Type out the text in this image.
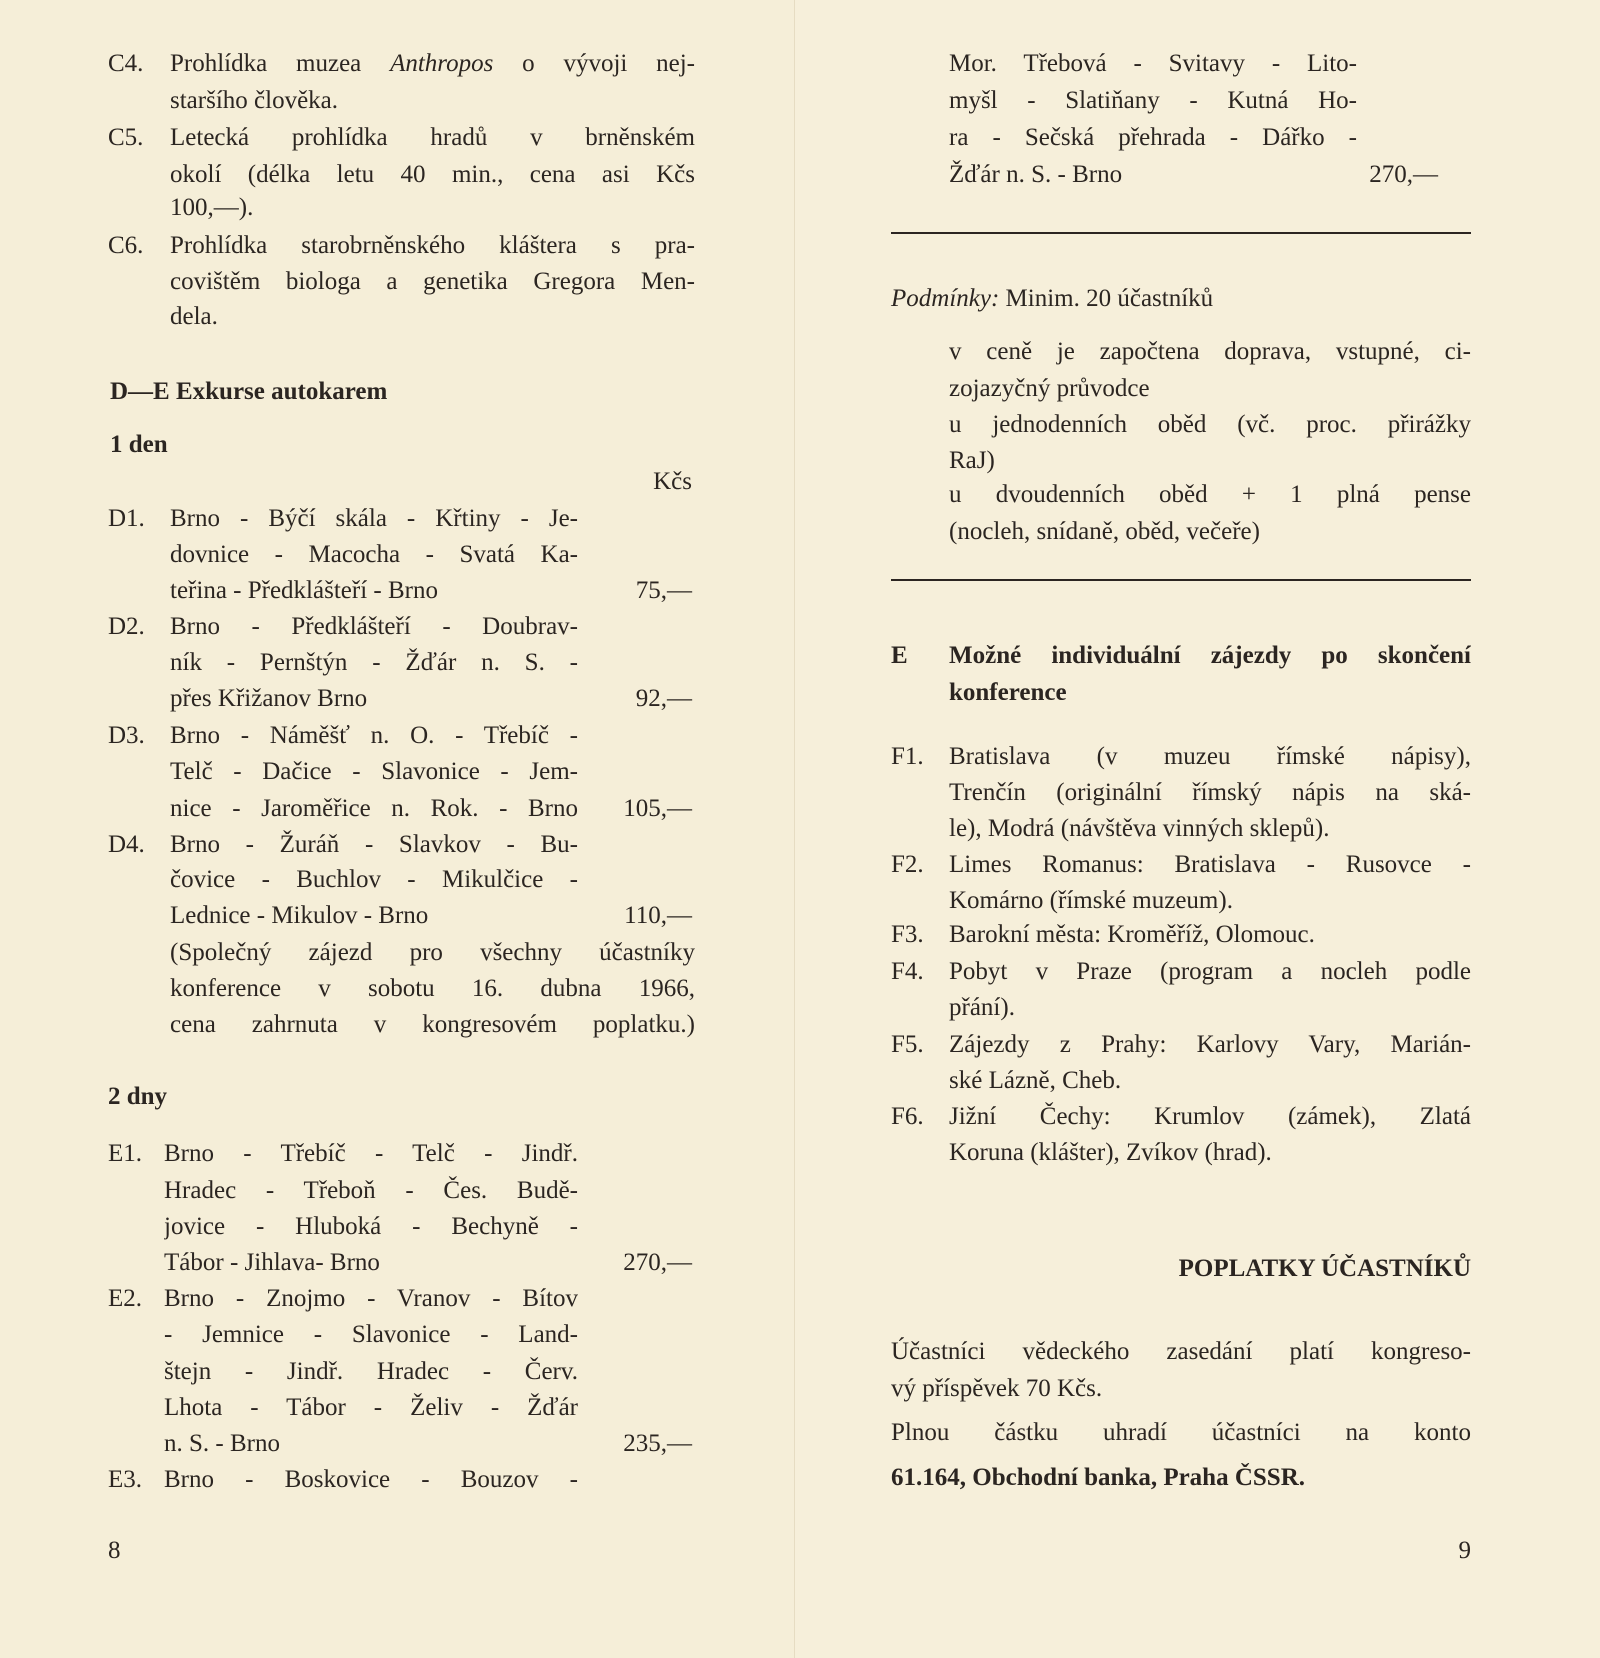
C4. Prohlídka muzea Anthropos o vývoji nej-
staršího člověka.
C5. Letecká prohlídka hradů v brněnském
okolí (délka letu 40 min., cena asi Kčs
100,—).
C6. Prohlídka starobrněnského kláštera s pra-
covištěm biologa a genetika Gregora Men-
dela.
D—E Exkurse autokarem
1 den
Kčs
D1. Brno - Býčí skála - Křtiny - Je-
dovnice - Macocha - Svatá Ka-
teřina - Předklášteří - Brno	75,—
D2. Brno - Předklášteří - Doubrav-
ník - Pernštýn - Žďár n. S. -
přes Křižanov Brno	92,—
D3. Brno - Náměšť n. O. - Třebíč -
Telč - Dačice - Slavonice - Jem-
nice - Jaroměřice n. Rok. - Brno	105,—
D4. Brno - Žuráň - Slavkov - Bu-
čovice - Buchlov - Mikulčice -
Lednice - Mikulov - Brno	110,—
(Společný zájezd pro všechny účastníky
konference v sobotu 16. dubna 1966,
cena zahrnuta v kongresovém poplatku.)
2 dny
E1. Brno - Třebíč - Telč - Jindř.
Hradec - Třeboň - Čes. Budě-
jovice - Hluboká - Bechyně -
Tábor - Jihlava- Brno	270,—
E2. Brno - Znojmo - Vranov - Bítov
- Jemnice - Slavonice - Land-
štejn - Jindř. Hradec - Červ.
Lhota - Tábor - Želiv - Žďár
n. S. - Brno	235,—
E3. Brno - Boskovice - Bouzov -
8
Mor. Třebová - Svitavy - Lito-
myšl - Slatiňany - Kutná Ho-
ra - Sečská přehrada - Dářko -
Žďár n. S. - Brno	270,—
Podmínky: Minim. 20 účastníků
v ceně je započtena doprava, vstupné, ci-
zojazyčný průvodce
u jednodenních oběd (vč. proc. přirážky
RaJ)
u dvoudenních oběd + 1 plná pense
(nocleh, snídaně, oběd, večeře)
E Možné individuální zájezdy po skončení
konference
F1. Bratislava (v muzeu římské nápisy),
Trenčín (originální římský nápis na ská-
le), Modrá (návštěva vinných sklepů).
F2. Limes Romanus: Bratislava - Rusovce -
Komárno (římské muzeum).
F3. Barokní města: Kroměříž, Olomouc.
F4. Pobyt v Praze (program a nocleh podle
přání).
F5. Zájezdy z Prahy: Karlovy Vary, Marián-
ské Lázně, Cheb.
F6. Jižní Čechy: Krumlov (zámek), Zlatá
Koruna (klášter), Zvíkov (hrad).
POPLATKY ÚČASTNÍKŮ
Účastníci vědeckého zasedání platí kongreso-
vý příspěvek 70 Kčs.
Plnou částku uhradí účastníci na konto
61.164, Obchodní banka, Praha ČSSR.
9
